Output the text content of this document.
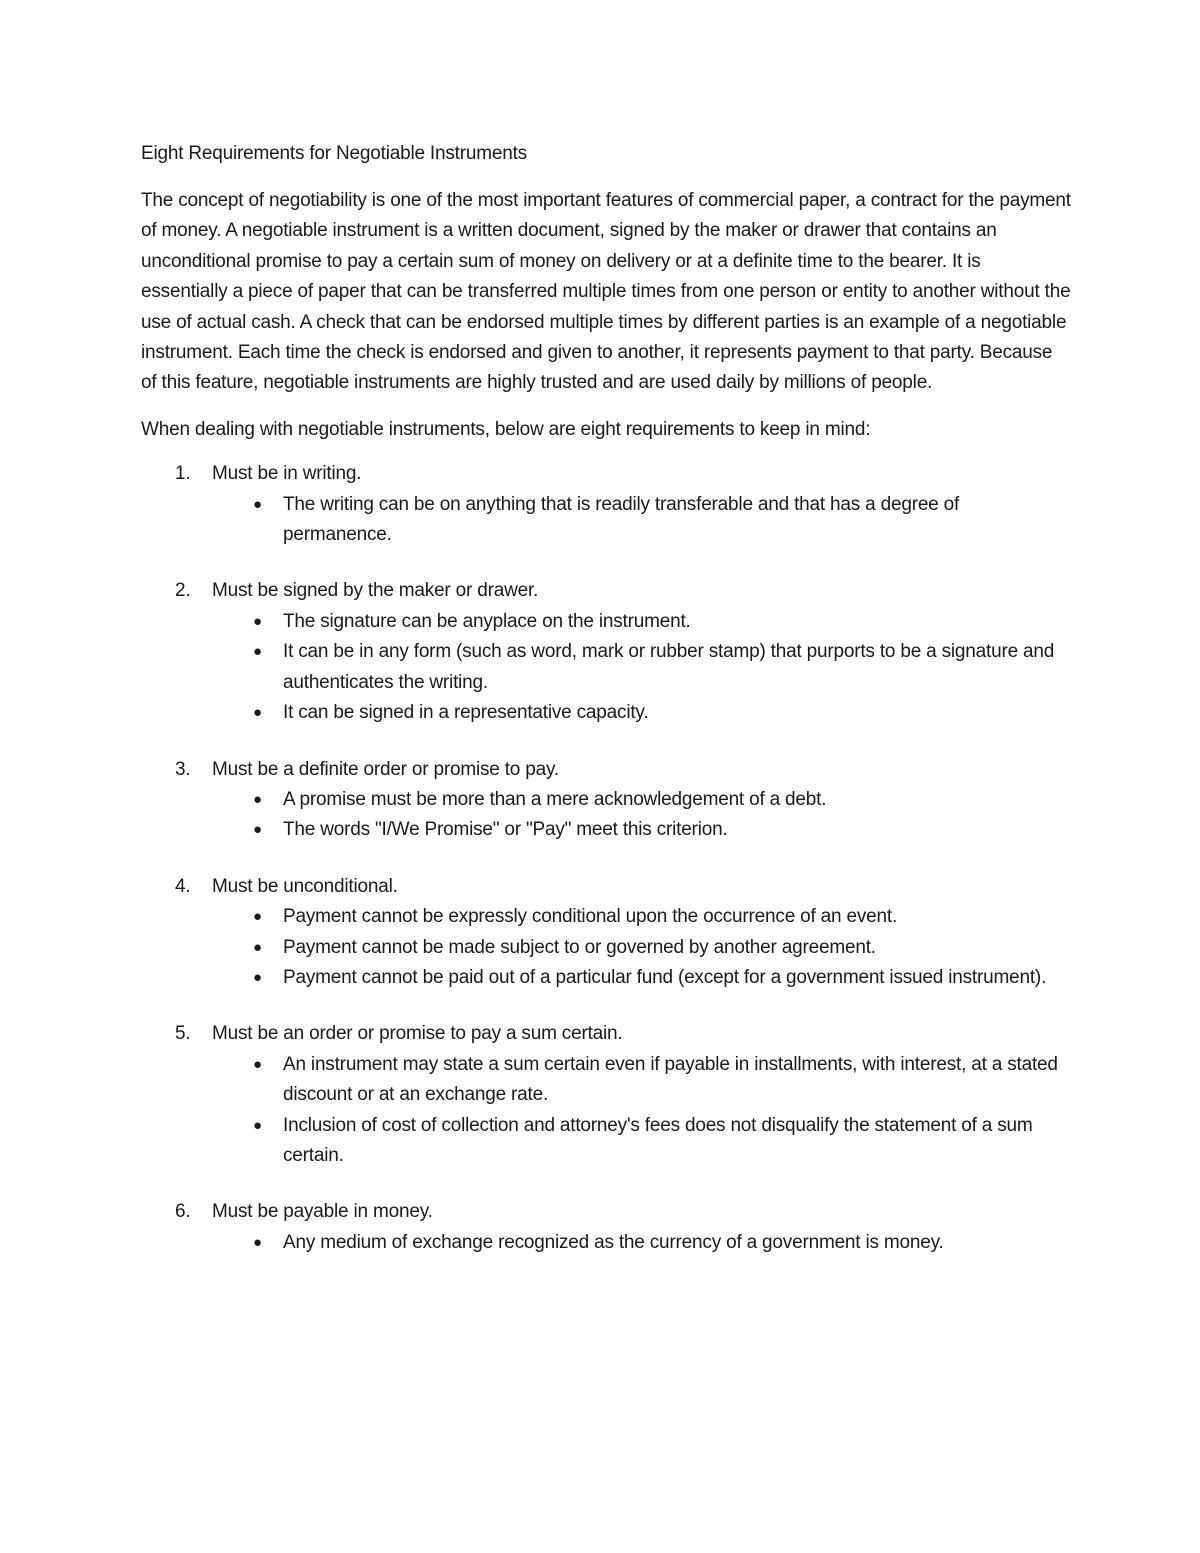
Eight Requirements for Negotiable Instruments

The concept of negotiability is one of the most important features of commercial paper, a contract for the payment of money. A negotiable instrument is a written document, signed by the maker or drawer that contains an unconditional promise to pay a certain sum of money on delivery or at a definite time to the bearer. It is essentially a piece of paper that can be transferred multiple times from one person or entity to another without the use of actual cash. A check that can be endorsed multiple times by different parties is an example of a negotiable instrument. Each time the check is endorsed and given to another, it represents payment to that party. Because of this feature, negotiable instruments are highly trusted and are used daily by millions of people.

When dealing with negotiable instruments, below are eight requirements to keep in mind:

1. Must be in writing.
● The writing can be on anything that is readily transferable and that has a degree of permanence.
2. Must be signed by the maker or drawer.
● The signature can be anyplace on the instrument.
● It can be in any form (such as word, mark or rubber stamp) that purports to be a signature and authenticates the writing.
● It can be signed in a representative capacity.
3. Must be a definite order or promise to pay.
● A promise must be more than a mere acknowledgement of a debt.
● The words "I/We Promise" or "Pay" meet this criterion.
4. Must be unconditional.
● Payment cannot be expressly conditional upon the occurrence of an event.
● Payment cannot be made subject to or governed by another agreement.
● Payment cannot be paid out of a particular fund (except for a government issued instrument).
5. Must be an order or promise to pay a sum certain.
● An instrument may state a sum certain even if payable in installments, with interest, at a stated discount or at an exchange rate.
● Inclusion of cost of collection and attorney's fees does not disqualify the statement of a sum certain.
6. Must be payable in money.
● Any medium of exchange recognized as the currency of a government is money.
